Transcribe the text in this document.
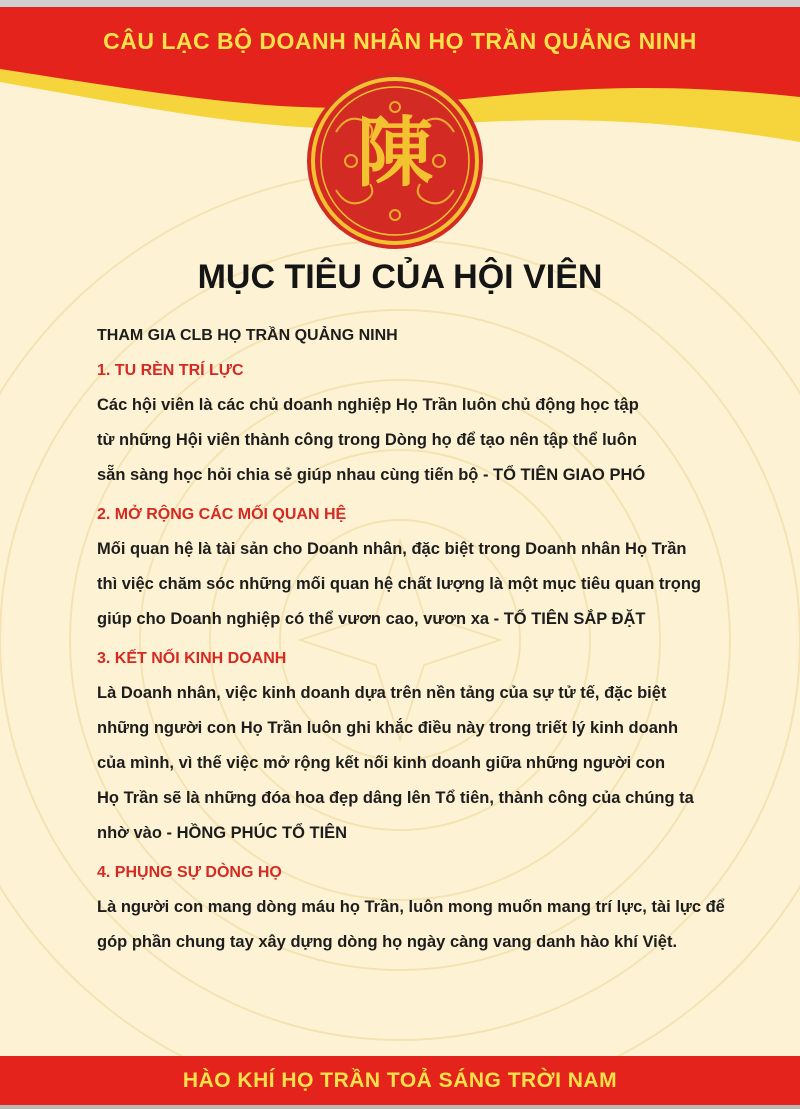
CÂU LẠC BỘ DOANH NHÂN HỌ TRẦN QUẢNG NINH
陳
MỤC TIÊU CỦA HỘI VIÊN

THAM GIA CLB HỌ TRẦN QUẢNG NINH

1. TU RÈN TRÍ LỰC

Các hội viên là các chủ doanh nghiệp Họ Trần luôn chủ động học tập
từ những Hội viên thành công trong Dòng họ để tạo nên tập thể luôn
sẵn sàng học hỏi chia sẻ giúp nhau cùng tiến bộ - TỔ TIÊN GIAO PHÓ

2. MỞ RỘNG CÁC MỐI QUAN HỆ

Mối quan hệ là tài sản cho Doanh nhân, đặc biệt trong Doanh nhân Họ Trần
thì việc chăm sóc những mối quan hệ chất lượng là một mục tiêu quan trọng
giúp cho Doanh nghiệp có thể vươn cao, vươn xa - TỔ TIÊN SẮP ĐẶT

3. KẾT NỐI KINH DOANH

Là Doanh nhân, việc kinh doanh dựa trên nền tảng của sự tử tế, đặc biệt
những người con Họ Trần luôn ghi khắc điều này trong triết lý kinh doanh
của mình, vì thế việc mở rộng kết nối kinh doanh giữa những người con
Họ Trần sẽ là những đóa hoa đẹp dâng lên Tổ tiên, thành công của chúng ta
nhờ vào - HỒNG PHÚC TỔ TIÊN

4. PHỤNG SỰ DÒNG HỌ

Là người con mang dòng máu họ Trần, luôn mong muốn mang trí lực, tài lực để
góp phần chung tay xây dựng dòng họ ngày càng vang danh hào khí Việt.

HÀO KHÍ HỌ TRẦN TOẢ SÁNG TRỜI NAM
